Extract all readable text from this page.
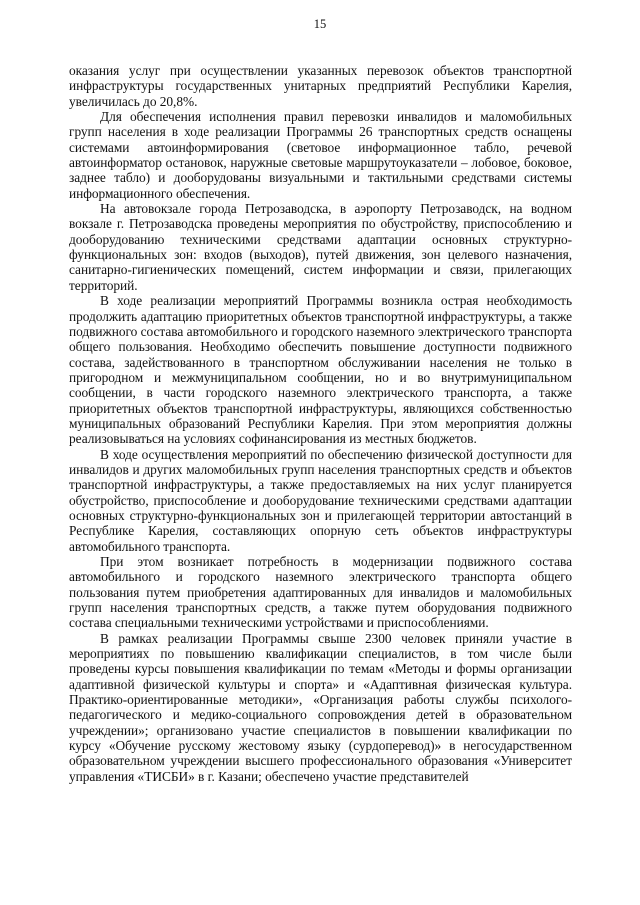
15

оказания услуг при осуществлении указанных перевозок объектов транспортной инфраструктуры государственных унитарных предприятий Республики Карелия, увеличилась до 20,8%.

Для обеспечения исполнения правил перевозки инвалидов и маломобильных групп населения в ходе реализации Программы 26 транспортных средств оснащены системами автоинформирования (световое информационное табло, речевой автоинформатор остановок, наружные световые маршрутоуказатели – лобовое, боковое, заднее табло) и дооборудованы визуальными и тактильными средствами системы информационного обеспечения.

На автовокзале города Петрозаводска, в аэропорту Петрозаводск, на водном вокзале г. Петрозаводска проведены мероприятия по обустройству, приспособлению и дооборудованию техническими средствами адаптации основных структурно-функциональных зон: входов (выходов), путей движения, зон целевого назначения, санитарно-гигиенических помещений, систем информации и связи, прилегающих территорий.

В ходе реализации мероприятий Программы возникла острая необходимость продолжить адаптацию приоритетных объектов транспортной инфраструктуры, а также подвижного состава автомобильного и городского наземного электрического транспорта общего пользования. Необходимо обеспечить повышение доступности подвижного состава, задействованного в транспортном обслуживании населения не только в пригородном и межмуниципальном сообщении, но и во внутримуниципальном сообщении, в части городского наземного электрического транспорта, а также приоритетных объектов транспортной инфраструктуры, являющихся собственностью муниципальных образований Республики Карелия. При этом мероприятия должны реализовываться на условиях софинансирования из местных бюджетов.

В ходе осуществления мероприятий по обеспечению физической доступности для инвалидов и других маломобильных групп населения транспортных средств и объектов транспортной инфраструктуры, а также предоставляемых на них услуг планируется обустройство, приспособление и дооборудование техническими средствами адаптации основных структурно-функциональных зон и прилегающей территории автостанций в Республике Карелия, составляющих опорную сеть объектов инфраструктуры автомобильного транспорта.

При этом возникает потребность в модернизации подвижного состава автомобильного и городского наземного электрического транспорта общего пользования путем приобретения адаптированных для инвалидов и маломобильных групп населения транспортных средств, а также путем оборудования подвижного состава специальными техническими устройствами и приспособлениями.

В рамках реализации Программы свыше 2300 человек приняли участие в мероприятиях по повышению квалификации специалистов, в том числе были проведены курсы повышения квалификации по темам «Методы и формы организации адаптивной физической культуры и спорта» и «Адаптивная физическая культура. Практико-ориентированные методики», «Организация работы службы психолого-педагогического и медико-социального сопровождения детей в образовательном учреждении»; организовано участие специалистов в повышении квалификации по курсу «Обучение русскому жестовому языку (сурдоперевод)» в негосударственном образовательном учреждении высшего профессионального образования «Университет управления «ТИСБИ» в г. Казани; обеспечено участие представителей
